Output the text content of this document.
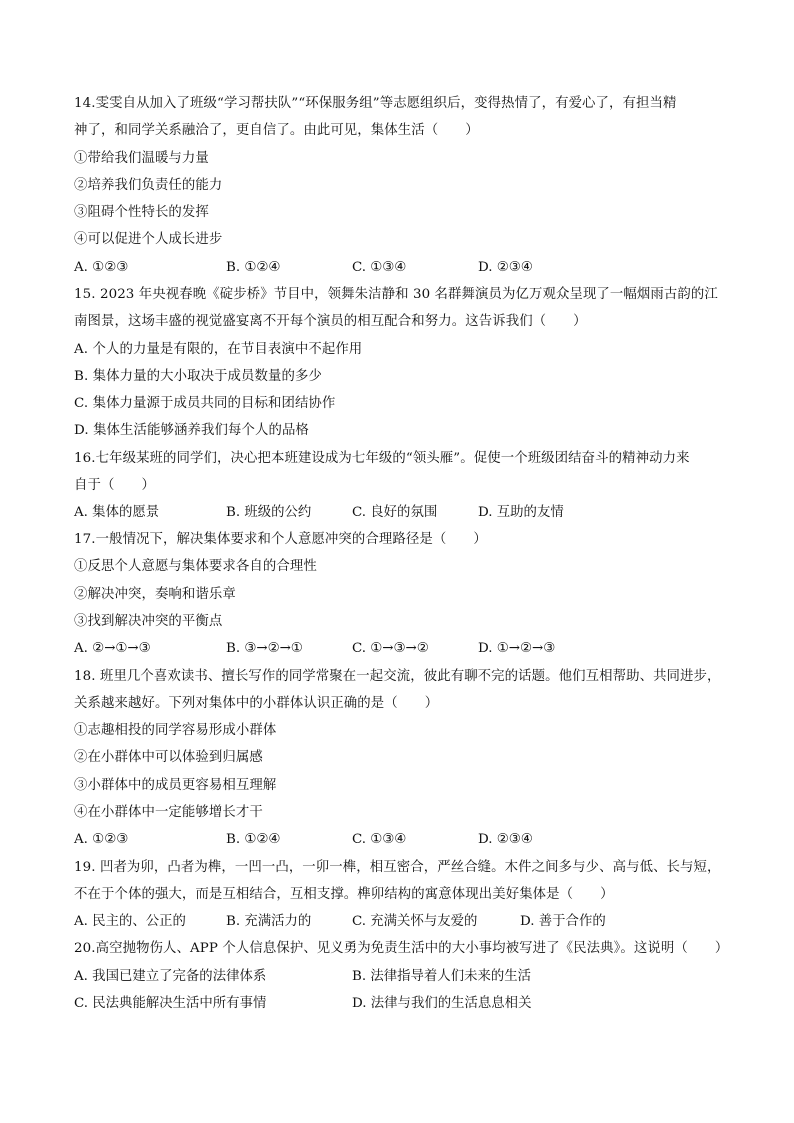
14.雯雯自从加入了班级“学习帮扶队”“环保服务组”等志愿组织后，变得热情了，有爱心了，有担当精
神了，和同学关系融洽了，更自信了。由此可见，集体生活（　　）
①带给我们温暖与力量
②培养我们负责任的能力
③阻碍个性特长的发挥
④可以促进个人成长进步
A. ①②③	B. ①②④	C. ①③④	D. ②③④
15. 2023 年央视春晚《碇步桥》节目中，领舞朱洁静和 30 名群舞演员为亿万观众呈现了一幅烟雨古韵的江
南图景，这场丰盛的视觉盛宴离不开每个演员的相互配合和努力。这告诉我们（　　）
A. 个人的力量是有限的，在节目表演中不起作用
B. 集体力量的大小取决于成员数量的多少
C. 集体力量源于成员共同的目标和团结协作
D. 集体生活能够涵养我们每个人的品格
16.七年级某班的同学们，决心把本班建设成为七年级的“领头雁”。促使一个班级团结奋斗的精神动力来
自于（　　）
A. 集体的愿景	B. 班级的公约	C. 良好的氛围	D. 互助的友情
17.一般情况下，解决集体要求和个人意愿冲突的合理路径是（　　）
①反思个人意愿与集体要求各自的合理性
②解决冲突，奏响和谐乐章
③找到解决冲突的平衡点
A. ②→①→③	B. ③→②→①	C. ①→③→②	D. ①→②→③
18. 班里几个喜欢读书、擅长写作的同学常聚在一起交流，彼此有聊不完的话题。他们互相帮助、共同进步，
关系越来越好。下列对集体中的小群体认识正确的是（　　）
①志趣相投的同学容易形成小群体
②在小群体中可以体验到归属感
③小群体中的成员更容易相互理解
④在小群体中一定能够增长才干
A. ①②③	B. ①②④	C. ①③④	D. ②③④
19. 凹者为卯，凸者为榫，一凹一凸，一卯一榫，相互密合，严丝合缝。木件之间多与少、高与低、长与短，
不在于个体的强大，而是互相结合，互相支撑。榫卯结构的寓意体现出美好集体是（　　）
A. 民主的、公正的	B. 充满活力的	C. 充满关怀与友爱的	D. 善于合作的
20.高空抛物伤人、APP 个人信息保护、见义勇为免责生活中的大小事均被写进了《民法典》。这说明（　　）
A. 我国已建立了完备的法律体系	B. 法律指导着人们未来的生活
C. 民法典能解决生活中所有事情	D. 法律与我们的生活息息相关
